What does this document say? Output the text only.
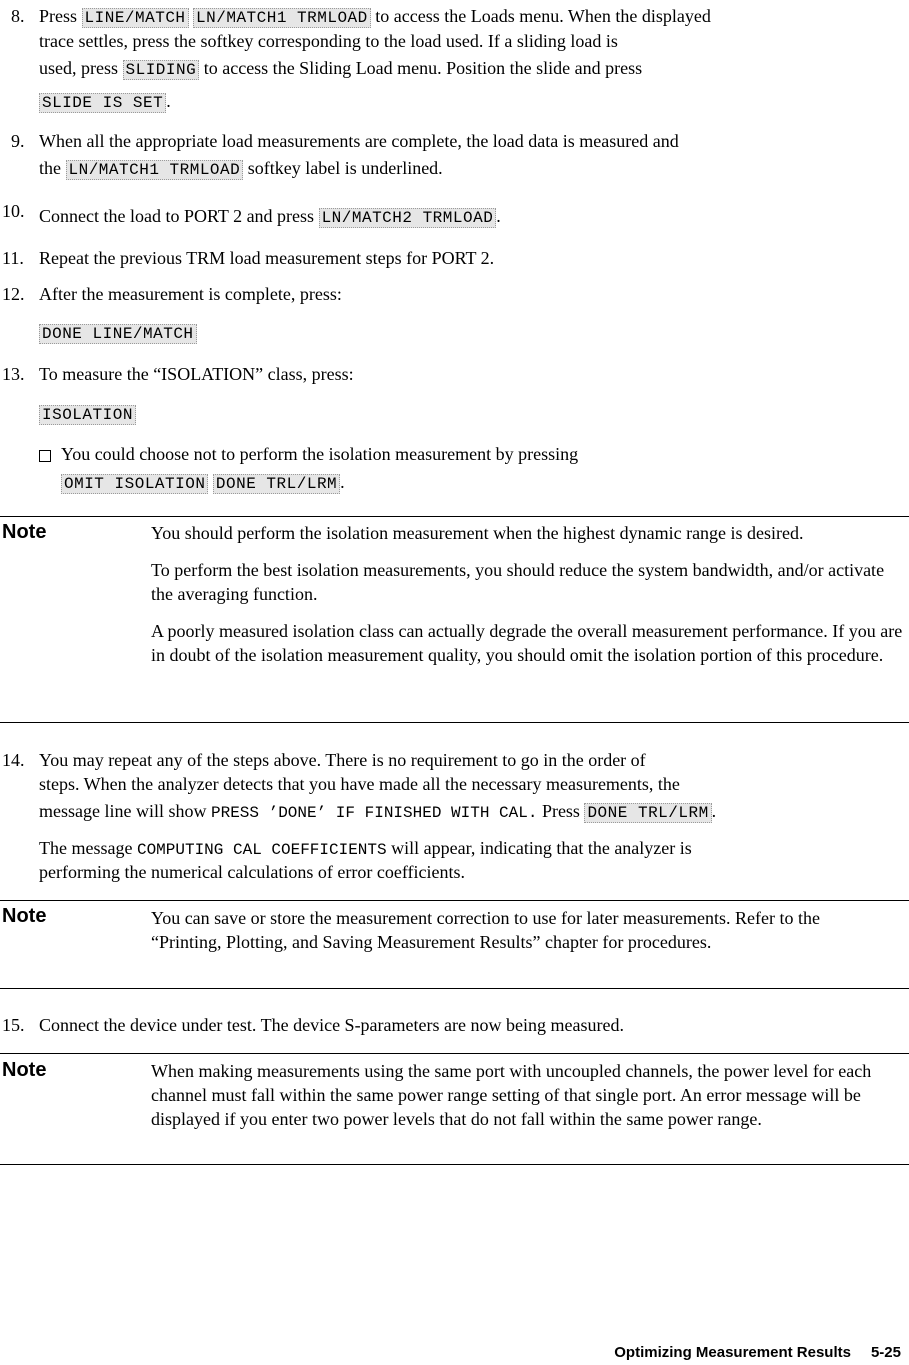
8. Press LINE/MATCH LN/MATCH1 TRMLOAD to access the Loads menu. When the displayed
trace settles, press the softkey corresponding to the load used. If a sliding load is
used, press SLIDING to access the Sliding Load menu. Position the slide and press
SLIDE IS SET .
9. When all the appropriate load measurements are complete, the load data is measured and
the LN/MATCH1 TRMLOAD softkey label is underlined.
10. Connect the load to PORT 2 and press LN/MATCH2 TRMLOAD .
11. Repeat the previous TRM load measurement steps for PORT 2.
12. After the measurement is complete, press:
DONE LINE/MATCH
13. To measure the “ISOLATION” class, press:
ISOLATION
You could choose not to perform the isolation measurement by pressing
OMIT ISOLATION DONE TRL/LRM .
Note	You should perform the isolation measurement when the highest dynamic range is desired.

To perform the best isolation measurements, you should reduce the system bandwidth, and/or activate the averaging function.

A poorly measured isolation class can actually degrade the overall measurement performance. If you are in doubt of the isolation measurement quality, you should omit the isolation portion of this procedure.

14. You may repeat any of the steps above. There is no requirement to go in the order of
steps. When the analyzer detects that you have made all the necessary measurements, the
message line will show PRESS ’DONE’ IF FINISHED WITH CAL. Press DONE TRL/LRM .
The message COMPUTING CAL COEFFICIENTS will appear, indicating that the analyzer is
performing the numerical calculations of error coefficients.
Note	You can save or store the measurement correction to use for later measurements. Refer to the “Printing, Plotting, and Saving Measurement Results” chapter for procedures.

15. Connect the device under test. The device S-parameters are now being measured.
Note	When making measurements using the same port with uncoupled channels, the power level for each channel must fall within the same power range setting of that single port. An error message will be displayed if you enter two power levels that do not fall within the same power range.

Optimizing Measurement Results 5-25
